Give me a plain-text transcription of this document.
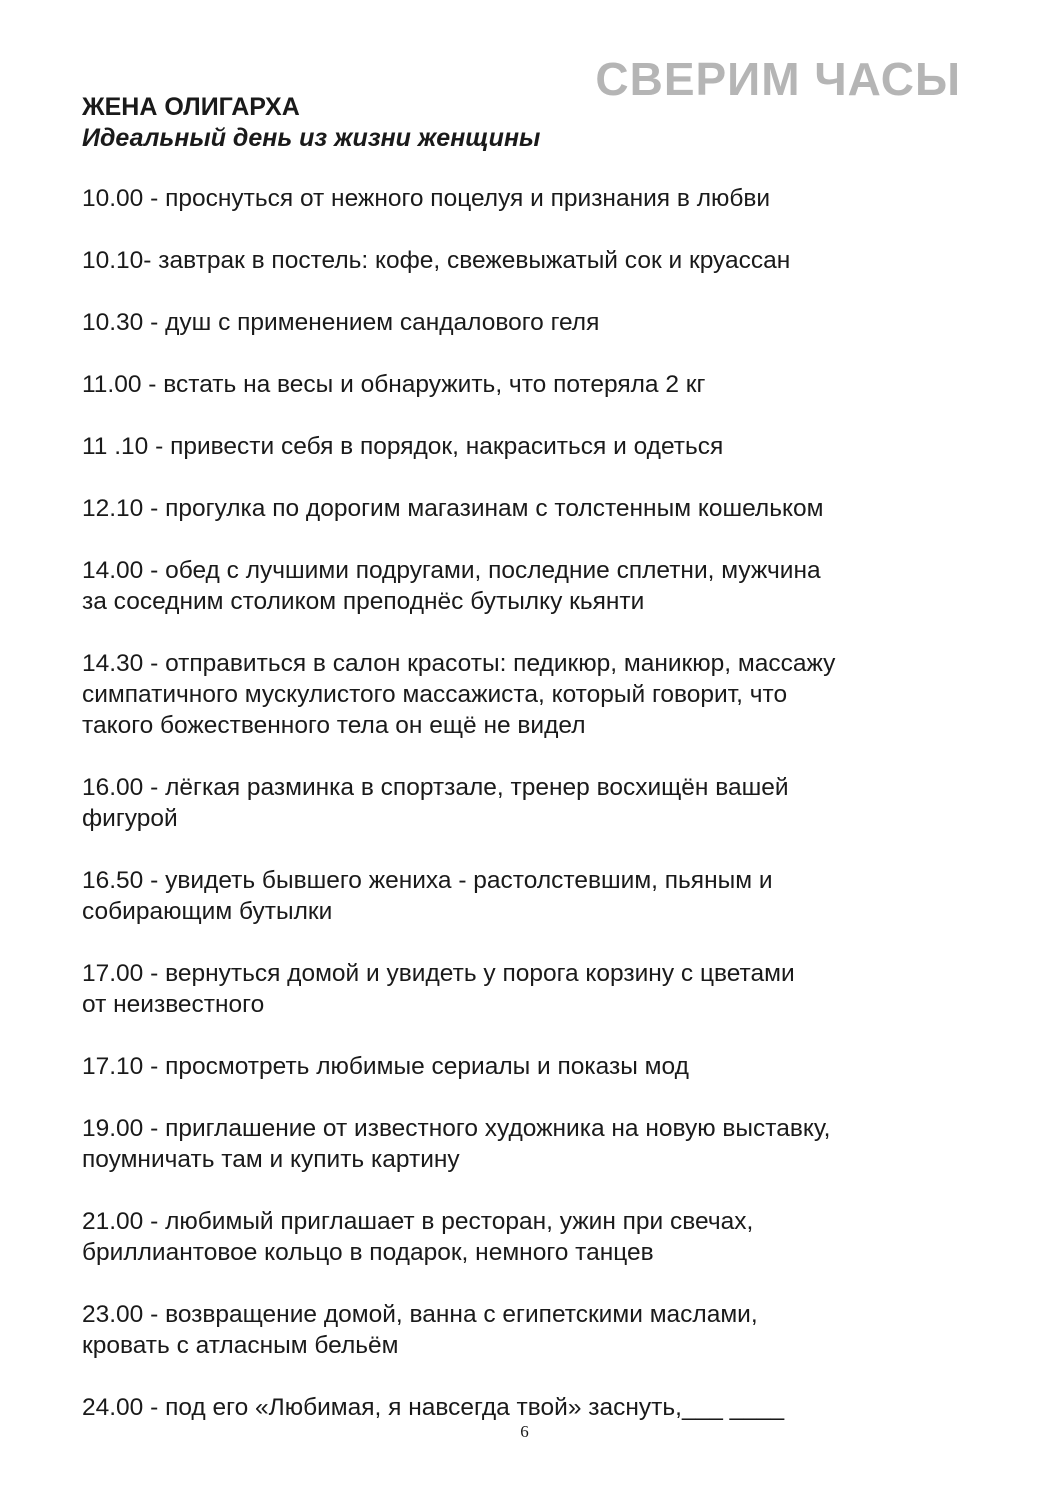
СВЕРИМ ЧАСЫ
ЖЕНА ОЛИГАРХА
Идеальный день из жизни женщины
10.00 - проснуться от нежного поцелуя и признания в любви
10.10- завтрак в постель: кофе, свежевыжатый сок и круассан
10.30 - душ с применением сандалового геля
11.00 - встать на весы и обнаружить, что потеряла 2 кг
11 .10 - привести себя в порядок, накраситься и одеться
12.10 - прогулка по дорогим магазинам с толстенным кошельком
14.00 - обед с лучшими подругами, последние сплетни, мужчина
за соседним столиком преподнёс бутылку кьянти
14.30 - отправиться в салон красоты: педикюр, маникюр, массажу
симпатичного мускулистого массажиста, который говорит, что
такого божественного тела он ещё не видел
16.00 - лёгкая разминка в спортзале, тренер восхищён вашей
фигурой
16.50 - увидеть бывшего жениха - растолстевшим, пьяным и
собирающим бутылки
17.00 - вернуться домой и увидеть у порога корзину с цветами
от неизвестного
17.10 - просмотреть любимые сериалы и показы мод
19.00 - приглашение от известного художника на новую выставку,
поумничать там и купить картину
21.00 - любимый приглашает в ресторан, ужин при свечах,
бриллиантовое кольцо в подарок, немного танцев
23.00 - возвращение домой, ванна с египетскими маслами,
кровать с атласным бельём
24.00 - под его «Любимая, я навсегда твой» заснуть,___ ____
6
